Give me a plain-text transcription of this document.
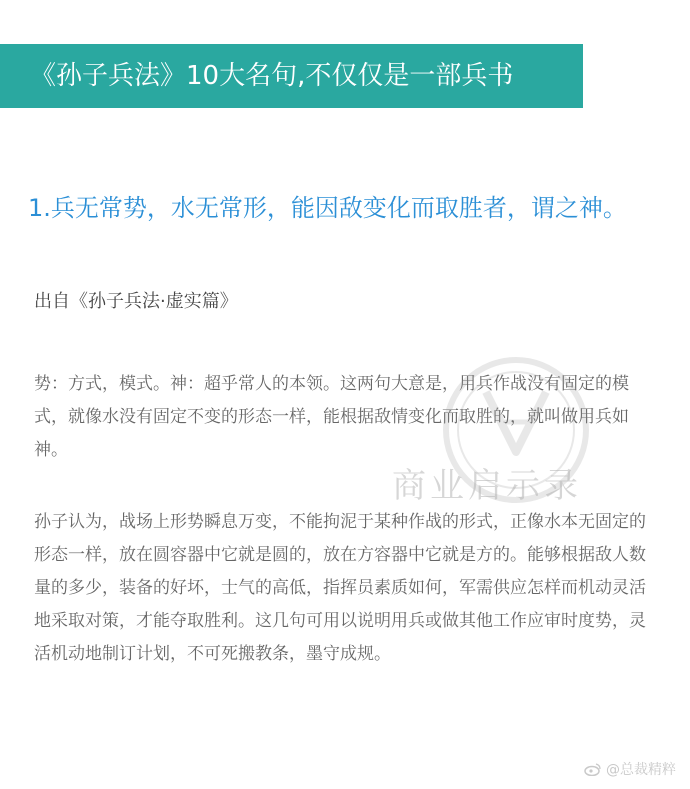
《孙子兵法》10大名句,不仅仅是一部兵书
1.兵无常势，水无常形，能因敌变化而取胜者，谓之神。
出自《孙子兵法·虚实篇》
势：方式，模式。神：超乎常人的本领。这两句大意是，用兵作战没有固定的模式，就像水没有固定不变的形态一样，能根据敌情变化而取胜的，就叫做用兵如神。
孙子认为，战场上形势瞬息万变，不能拘泥于某种作战的形式，正像水本无固定的形态一样，放在圆容器中它就是圆的，放在方容器中它就是方的。能够根据敌人数量的多少，装备的好坏，士气的高低，指挥员素质如何，军需供应怎样而机动灵活地采取对策，才能夺取胜利。这几句可用以说明用兵或做其他工作应审时度势，灵活机动地制订计划，不可死搬教条，墨守成规。
商业启示录
@总裁精粹
